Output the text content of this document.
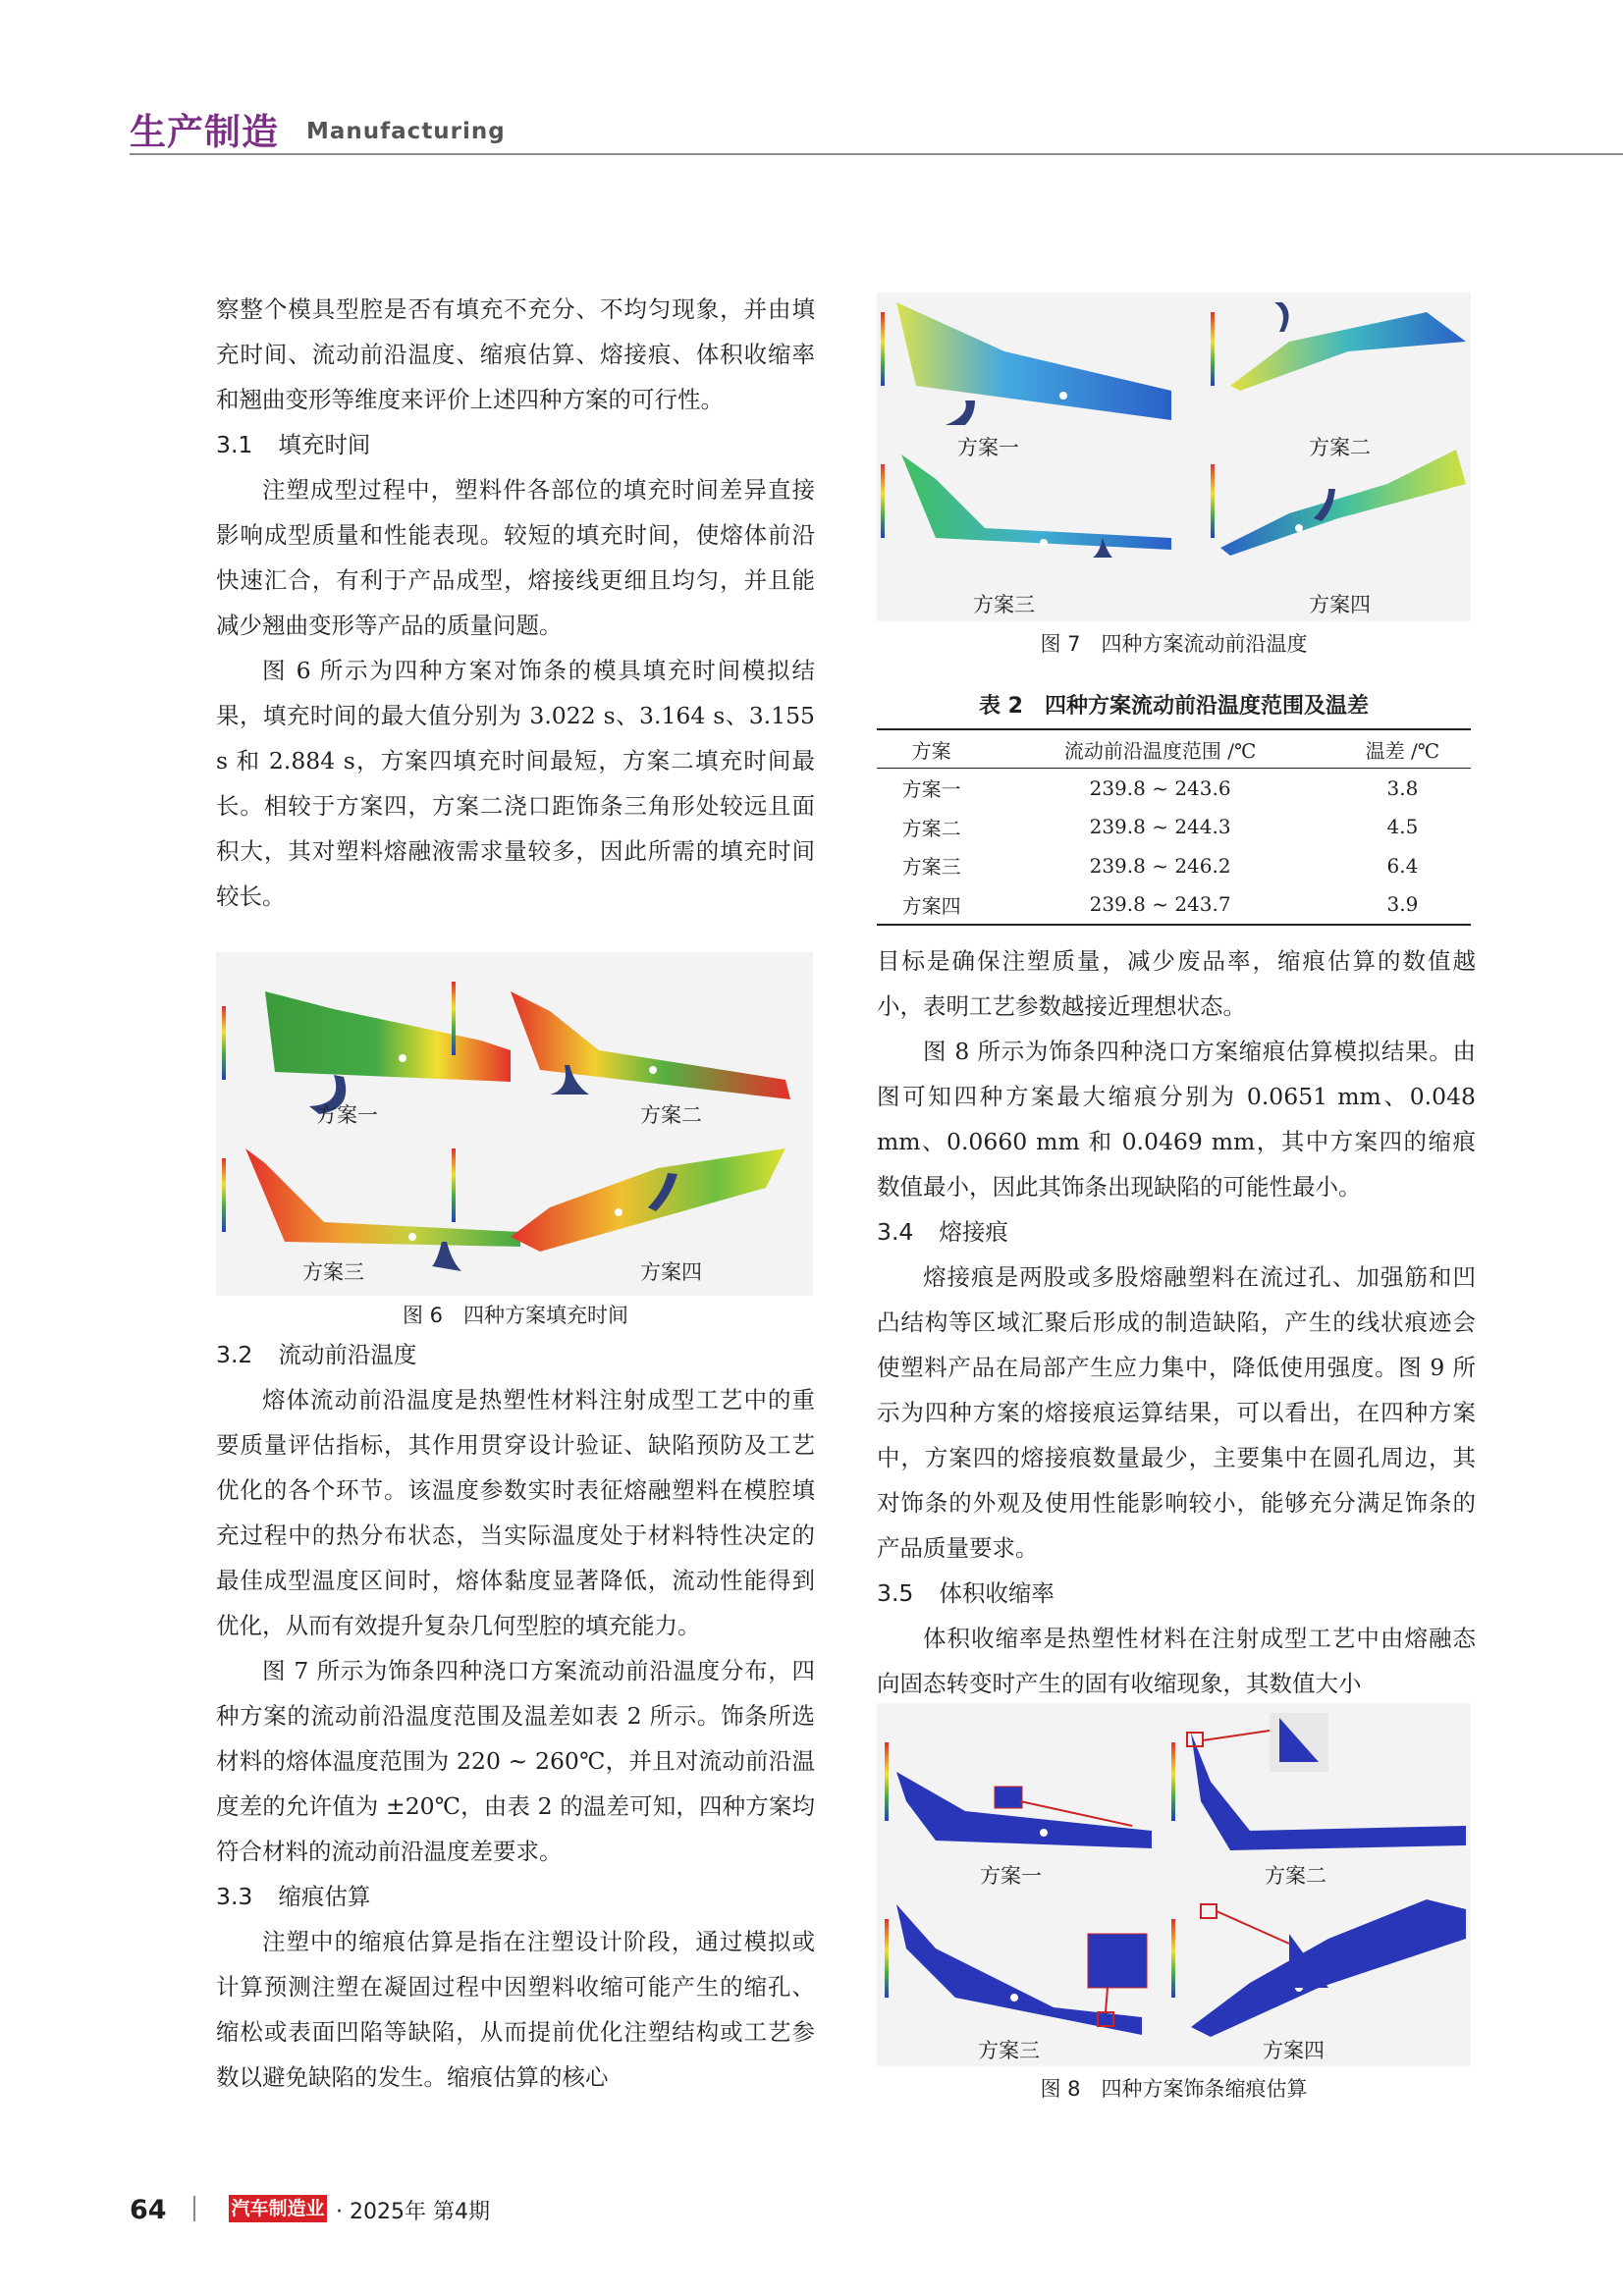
生产制造 Manufacturing

察整个模具型腔是否有填充不充分、不均匀现象，并由填充时间、流动前沿温度、缩痕估算、熔接痕、体积收缩率和翘曲变形等维度来评价上述四种方案的可行性。

3.1 填充时间

注塑成型过程中，塑料件各部位的填充时间差异直接影响成型质量和性能表现。较短的填充时间，使熔体前沿快速汇合，有利于产品成型，熔接线更细且均匀，并且能减少翘曲变形等产品的质量问题。

图 6 所示为四种方案对饰条的模具填充时间模拟结果，填充时间的最大值分别为 3.022 s、3.164 s、3.155 s 和 2.884 s，方案四填充时间最短，方案二填充时间最长。相较于方案四，方案二浇口距饰条三角形处较远且面积大，其对塑料熔融液需求量较多，因此所需的填充时间较长。

方案一	方案二
方案三	方案四
图 6　四种方案填充时间
3.2 流动前沿温度

熔体流动前沿温度是热塑性材料注射成型工艺中的重要质量评估指标，其作用贯穿设计验证、缺陷预防及工艺优化的各个环节。该温度参数实时表征熔融塑料在模腔填充过程中的热分布状态，当实际温度处于材料特性决定的最佳成型温度区间时，熔体黏度显著降低，流动性能得到优化，从而有效提升复杂几何型腔的填充能力。

图 7 所示为饰条四种浇口方案流动前沿温度分布，四种方案的流动前沿温度范围及温差如表 2 所示。饰条所选材料的熔体温度范围为 220 ~ 260℃，并且对流动前沿温度差的允许值为 ±20℃，由表 2 的温差可知，四种方案均符合材料的流动前沿温度差要求。

3.3 缩痕估算

注塑中的缩痕估算是指在注塑设计阶段，通过模拟或计算预测注塑在凝固过程中因塑料收缩可能产生的缩孔、缩松或表面凹陷等缺陷，从而提前优化注塑结构或工艺参数以避免缺陷的发生。缩痕估算的核心

方案一	方案二
方案三	方案四
图 7　四种方案流动前沿温度
表 2　四种方案流动前沿温度范围及温差
方案	流动前沿温度范围 /℃	温差 /℃
方案一	239.8 ~ 243.6	3.8
方案二	239.8 ~ 244.3	4.5
方案三	239.8 ~ 246.2	6.4
方案四	239.8 ~ 243.7	3.9

目标是确保注塑质量，减少废品率，缩痕估算的数值越小，表明工艺参数越接近理想状态。

图 8 所示为饰条四种浇口方案缩痕估算模拟结果。由图可知四种方案最大缩痕分别为 0.0651 mm、0.048 mm、0.0660 mm 和 0.0469 mm，其中方案四的缩痕数值最小，因此其饰条出现缺陷的可能性最小。

3.4 熔接痕

熔接痕是两股或多股熔融塑料在流过孔、加强筋和凹凸结构等区域汇聚后形成的制造缺陷，产生的线状痕迹会使塑料产品在局部产生应力集中，降低使用强度。图 9 所示为四种方案的熔接痕运算结果，可以看出，在四种方案中，方案四的熔接痕数量最少，主要集中在圆孔周边，其对饰条的外观及使用性能影响较小，能够充分满足饰条的产品质量要求。

3.5 体积收缩率

体积收缩率是热塑性材料在注射成型工艺中由熔融态向固态转变时产生的固有收缩现象，其数值大小

方案一	方案二
方案三	方案四
图 8　四种方案饰条缩痕估算
64	汽车制造业 · 2025年 第4期
